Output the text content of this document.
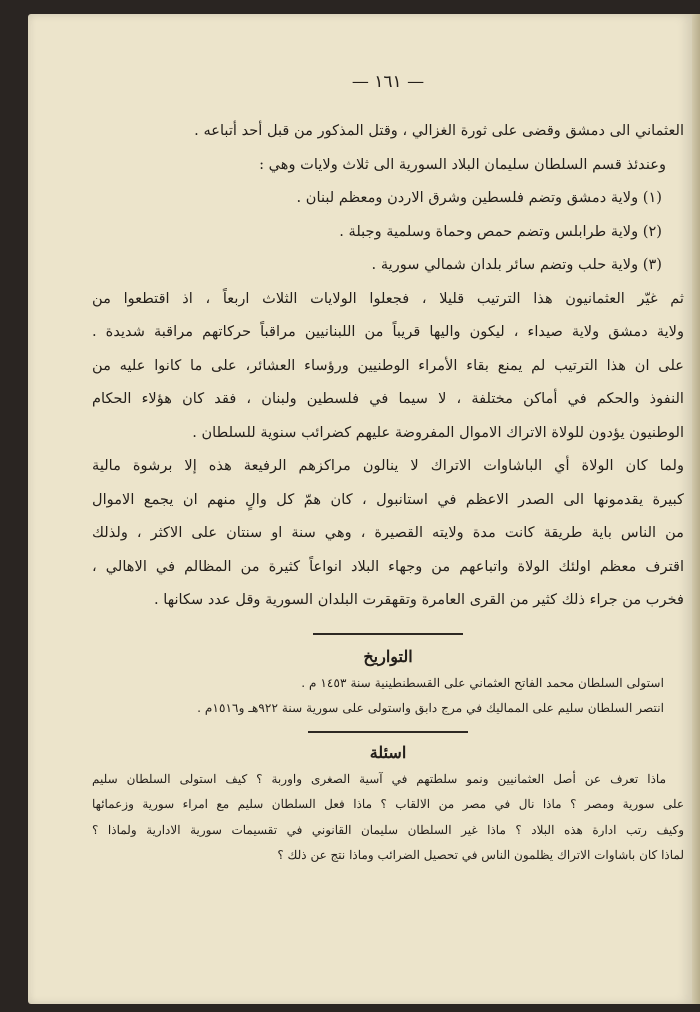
— ١٦١ —

العثماني الى دمشق وقضى على ثورة الغزالي ، وقتل المذكور من قبل أحد أتباعه .

وعندئذ قسم السلطان سليمان البلاد السورية الى ثلاث ولايات وهي :

(١) ولاية دمشق وتضم فلسطين وشرق الاردن ومعظم لبنان .

(٢) ولاية طرابلس وتضم حمص وحماة وسلمية وجبلة .

(٣) ولاية حلب وتضم سائر بلدان شمالي سورية .

ثم غيّر العثمانيون هذا الترتيب قليلا ، فجعلوا الولايات الثلاث اربعاً ، اذ اقتطعوا من

ولاية دمشق ولاية صيداء ، ليكون واليها قريباً من اللبنانيين مراقباً حركاتهم مراقبة شديدة .

على ان هذا الترتيب لم يمنع بقاء الأمراء الوطنيين ورؤساء العشائر، على ما كانوا عليه من

النفوذ والحكم في أماكن مختلفة ، لا سيما في فلسطين ولبنان ، فقد كان هؤلاء الحكام

الوطنيون يؤدون للولاة الاتراك الاموال المفروضة عليهم كضرائب سنوية للسلطان .

ولما كان الولاة أي الباشاوات الاتراك لا ينالون مراكزهم الرفيعة هذه إلا برشوة مالية

كبيرة يقدمونها الى الصدر الاعظم في استانبول ، كان همّ كل والٍ منهم ان يجمع الاموال

من الناس باية طريقة كانت مدة ولايته القصيرة ، وهي سنة او سنتان على الاكثر ، ولذلك

اقترف معظم اولئك الولاة واتباعهم من وجهاء البلاد انواعاً كثيرة من المظالم في الاهالي ،

فخرب من جراء ذلك كثير من القرى العامرة وتقهقرت البلدان السورية وقل عدد سكانها .

التواريخ

استولى السلطان محمد الفاتح العثماني على القسطنطينية سنة ١٤٥٣ م .

انتصر السلطان سليم على المماليك في مرج دابق واستولى على سورية سنة ٩٢٢هـ و١٥١٦م .

اسئلة

ماذا تعرف عن أصل العثمانيين ونمو سلطتهم في آسية الصغرى واوربة ؟ كيف استولى السلطان سليم

على سورية ومصر ؟ ماذا نال في مصر من الالقاب ؟ ماذا فعل السلطان سليم مع امراء سورية وزعمائها

وكيف رتب ادارة هذه البلاد ؟ ماذا غير السلطان سليمان القانوني في تقسيمات سورية الادارية ولماذا ؟

لماذا كان باشاوات الاتراك يظلمون الناس في تحصيل الضرائب وماذا نتج عن ذلك ؟
